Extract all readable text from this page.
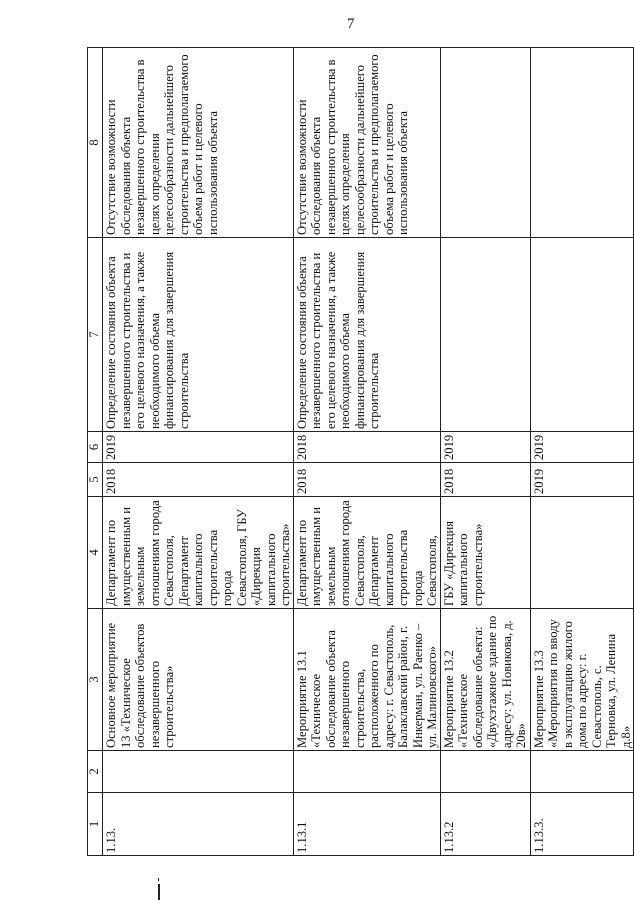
7
1	2	3	4	5	6	7	8
1.13.		Основное мероприятие 13 «Техническое обследование объектов незавершенного строительства»	Департамент по имущественным и земельным отношениям города Севастополя, Департамент капитального строительства города Севастополя, ГБУ «Дирекция капитального строительства»	2018	2019	Определение состояния объекта незавершенного строительства и его целевого назначения, а также необходимого объема финансирования для завершения строительства	Отсутствие возможности обследования объекта незавершенного строительства в целях определения целесообразности дальнейшего строительства и предполагаемого объема работ и целевого использования объекта
1.13.1		Мероприятие 13.1 «Техническое обследование объекта незавершенного строительства, расположенного по адресу: г. Севастополь, Балаклавский район, г. Инкерман, ул. Раенко – ул. Малиновского»	Департамент по имущественным и земельным отношениям города Севастополя, Департамент капитального строительства города Севастополя,	2018	2018	Определение состояния объекта незавершенного строительства и его целевого назначения, а также необходимого объема финансирования для завершения строительства	Отсутствие возможности обследования объекта незавершенного строительства в целях определения целесообразности дальнейшего строительства и предполагаемого объема работ и целевого использования объекта
1.13.2		Мероприятие 13.2 «Техническое обследование объекта: «Двухэтажное здание по адресу: ул. Новикова, д. 20в»	ГБУ «Дирекция капитального строительства»	2018	2019		
1.13.3.		Мероприятие 13.3 «Мероприятия по вводу в эксплуатацию жилого дома по адресу: г. Севастополь, с. Терновка, ул. Ленина д.8»		2019	2019		
